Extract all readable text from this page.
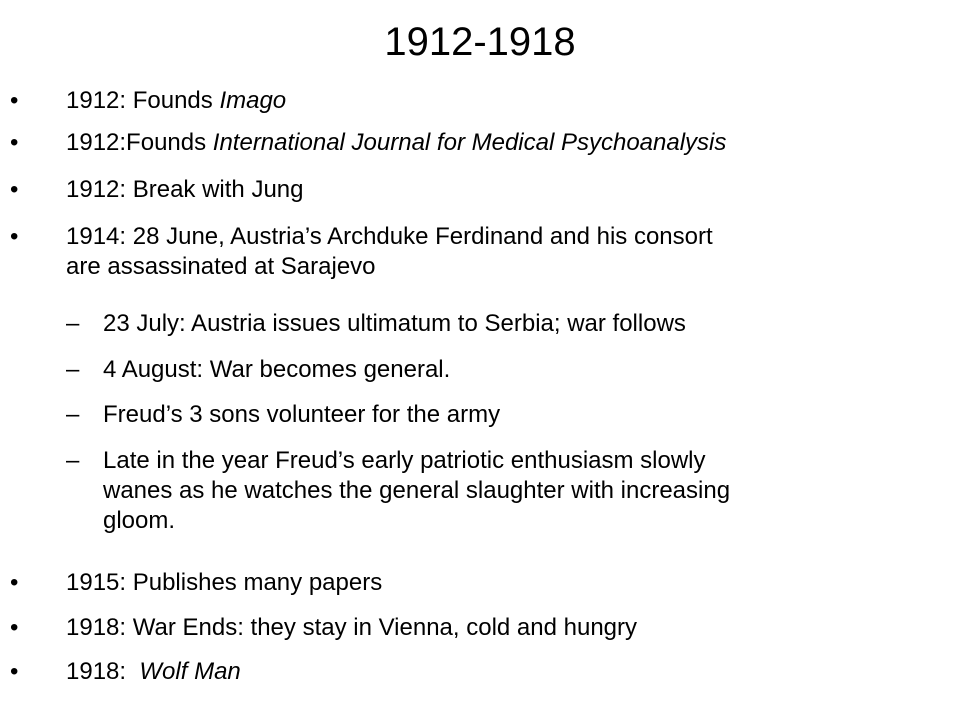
1912-1918
•	1912: Founds Imago
•	1912:Founds International Journal for Medical Psychoanalysis
•	1912: Break with Jung
•	1914: 28 June, Austria’s Archduke Ferdinand and his consort
are assassinated at Sarajevo
– 23 July: Austria issues ultimatum to Serbia; war follows
– 4 August: War becomes general.
– Freud’s 3 sons volunteer for the army
– Late in the year Freud’s early patriotic enthusiasm slowly
wanes as he watches the general slaughter with increasing
gloom.
•	1915: Publishes many papers
•	1918: War Ends: they stay in Vienna, cold and hungry
•	1918:  Wolf Man
